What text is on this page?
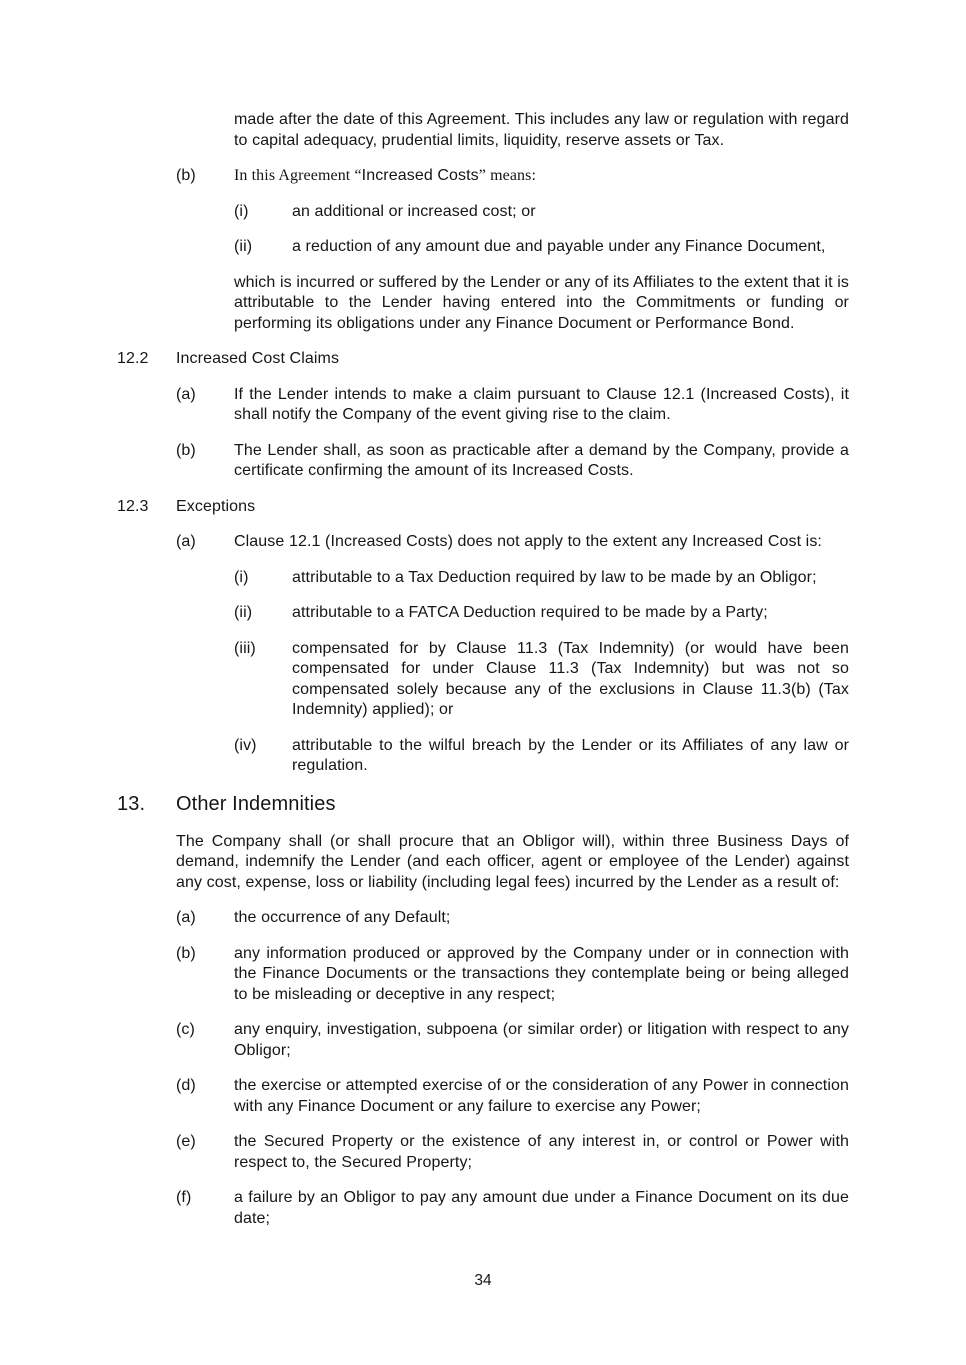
made after the date of this Agreement. This includes any law or regulation with regard to capital adequacy, prudential limits, liquidity, reserve assets or Tax.
(b)	In this Agreement “Increased Costs” means:
(i)	an additional or increased cost; or
(ii)	a reduction of any amount due and payable under any Finance Document,
which is incurred or suffered by the Lender or any of its Affiliates to the extent that it is attributable to the Lender having entered into the Commitments or funding or performing its obligations under any Finance Document or Performance Bond.
12.2	Increased Cost Claims
(a)	If the Lender intends to make a claim pursuant to Clause 12.1 (Increased Costs), it shall notify the Company of the event giving rise to the claim.
(b)	The Lender shall, as soon as practicable after a demand by the Company, provide a certificate confirming the amount of its Increased Costs.
12.3	Exceptions
(a)	Clause 12.1 (Increased Costs) does not apply to the extent any Increased Cost is:
(i)	attributable to a Tax Deduction required by law to be made by an Obligor;
(ii)	attributable to a FATCA Deduction required to be made by a Party;
(iii)	compensated for by Clause 11.3 (Tax Indemnity) (or would have been compensated for under Clause 11.3 (Tax Indemnity) but was not so compensated solely because any of the exclusions in Clause 11.3(b) (Tax Indemnity) applied); or
(iv)	attributable to the wilful breach by the Lender or its Affiliates of any law or regulation.
13.	Other Indemnities
The Company shall (or shall procure that an Obligor will), within three Business Days of demand, indemnify the Lender (and each officer, agent or employee of the Lender) against any cost, expense, loss or liability (including legal fees) incurred by the Lender as a result of:
(a)	the occurrence of any Default;
(b)	any information produced or approved by the Company under or in connection with the Finance Documents or the transactions they contemplate being or being alleged to be misleading or deceptive in any respect;
(c)	any enquiry, investigation, subpoena (or similar order) or litigation with respect to any Obligor;
(d)	the exercise or attempted exercise of or the consideration of any Power in connection with any Finance Document or any failure to exercise any Power;
(e)	the Secured Property or the existence of any interest in, or control or Power with respect to, the Secured Property;
(f)	a failure by an Obligor to pay any amount due under a Finance Document on its due date;
34
